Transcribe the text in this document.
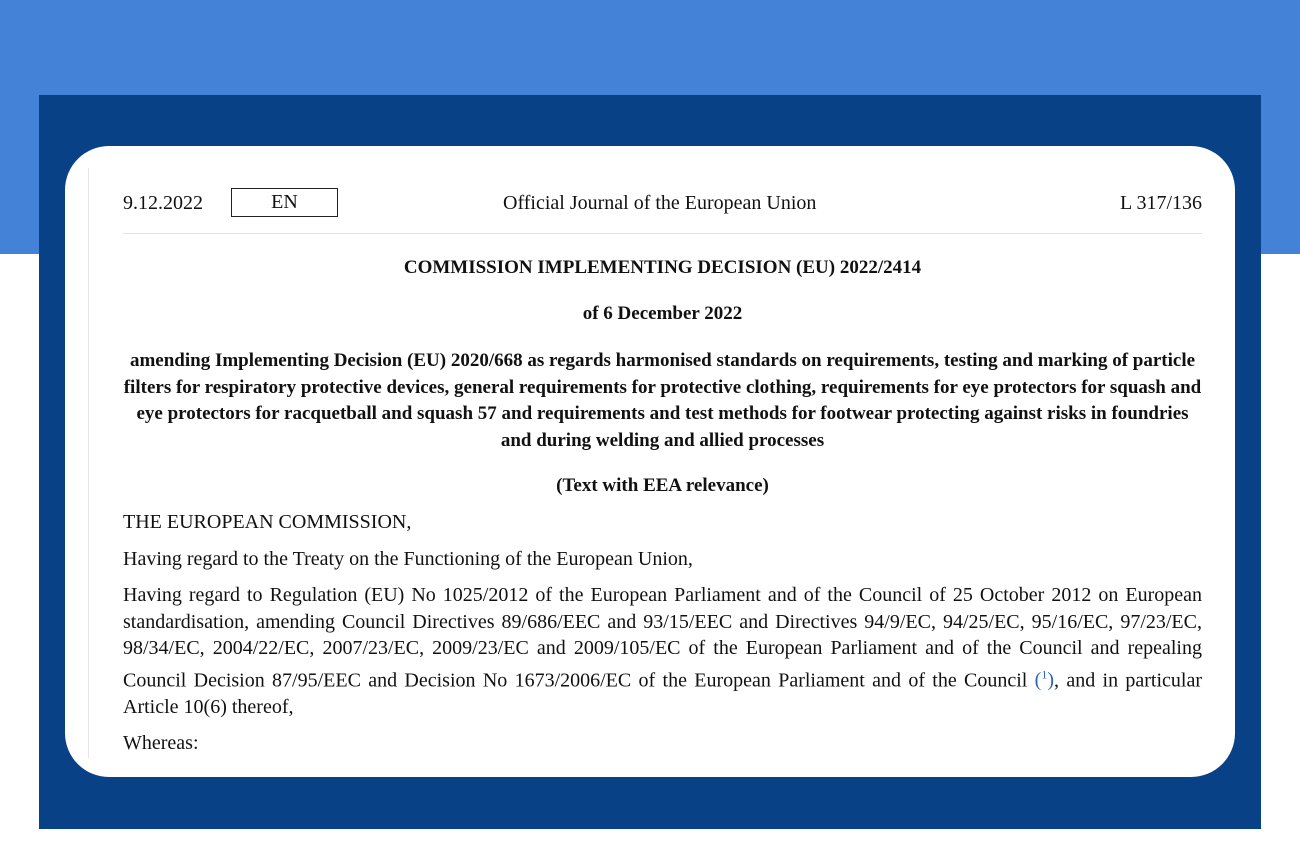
9.12.2022	EN	Official Journal of the European Union	L 317/136
COMMISSION IMPLEMENTING DECISION (EU) 2022/2414
of 6 December 2022

amending Implementing Decision (EU) 2020/668 as regards harmonised standards on requirements, testing and marking of particle filters for respiratory protective devices, general requirements for protective clothing, requirements for eye protectors for squash and eye protectors for racquetball and squash 57 and requirements and test methods for footwear protecting against risks in foundries and during welding and allied processes

(Text with EEA relevance)
THE EUROPEAN COMMISSION,
Having regard to the Treaty on the Functioning of the European Union,
Having regard to Regulation (EU) No 1025/2012 of the European Parliament and of the Council of 25 October 2012 on European standardisation, amending Council Directives 89/686/EEC and 93/15/EEC and Directives 94/9/EC, 94/25/EC, 95/16/EC, 97/23/EC, 98/34/EC, 2004/22/EC, 2007/23/EC, 2009/23/EC and 2009/105/EC of the European Parliament and of the Council and repealing Council Decision 87/95/EEC and Decision No 1673/2006/EC of the European Parliament and of the Council ($^1$), and in particular Article 10(6) thereof,
Whereas:
